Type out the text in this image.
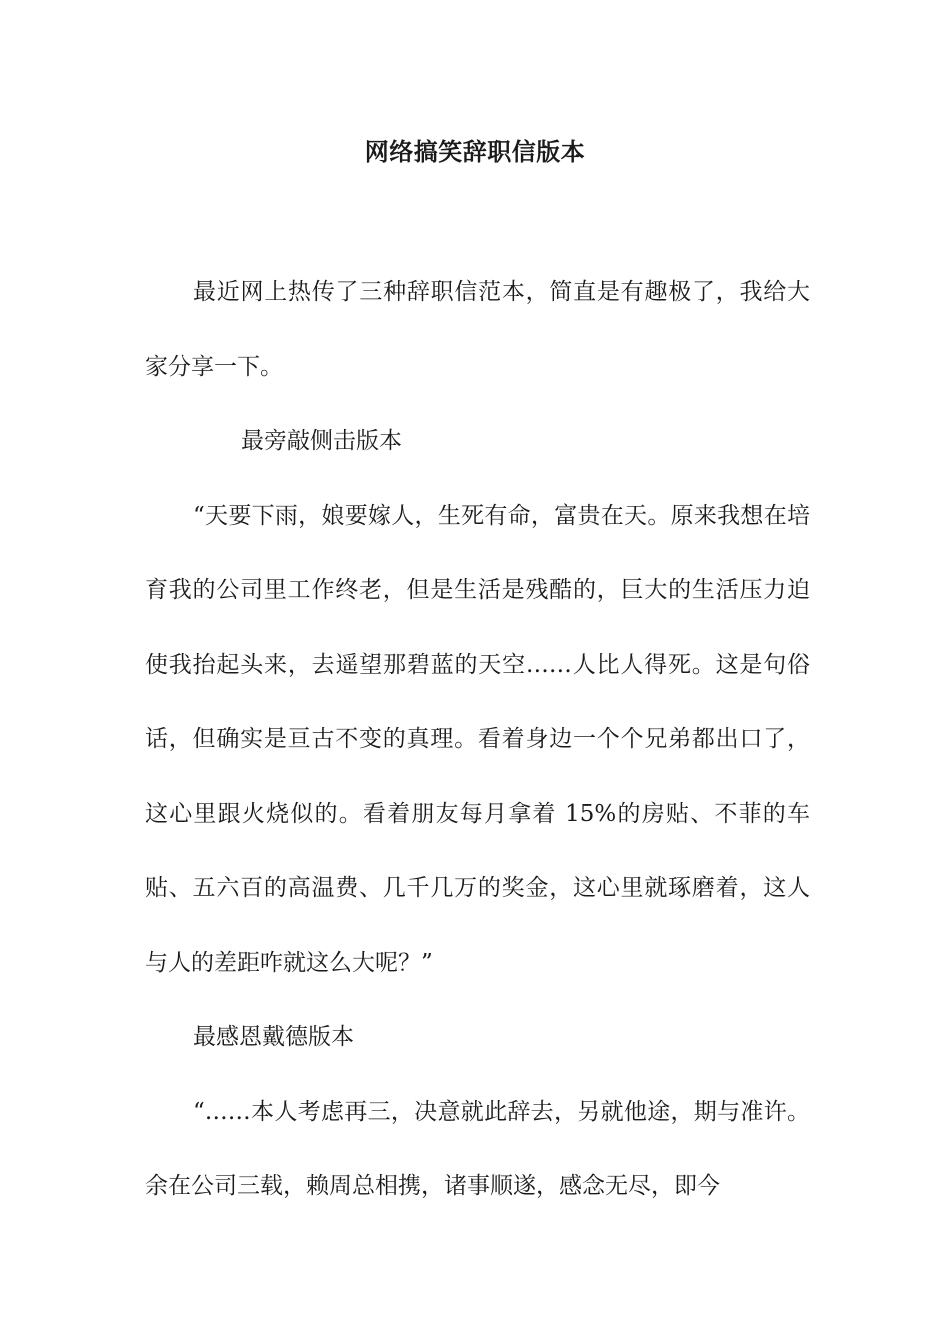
网络搞笑辞职信版本

最近网上热传了三种辞职信范本，简直是有趣极了，我给大家分享一下。

最旁敲侧击版本

“天要下雨，娘要嫁人，生死有命，富贵在天。原来我想在培育我的公司里工作终老，但是生活是残酷的，巨大的生活压力迫使我抬起头来，去遥望那碧蓝的天空……人比人得死。这是句俗话，但确实是亘古不变的真理。看着身边一个个兄弟都出口了，这心里跟火烧似的。看着朋友每月拿着 15%的房贴、不菲的车贴、五六百的高温费、几千几万的奖金，这心里就琢磨着，这人与人的差距咋就这么大呢？”

最感恩戴德版本

“……本人考虑再三，决意就此辞去，另就他途，期与准许。余在公司三载，赖周总相携，诸事顺遂，感念无尽，即今
